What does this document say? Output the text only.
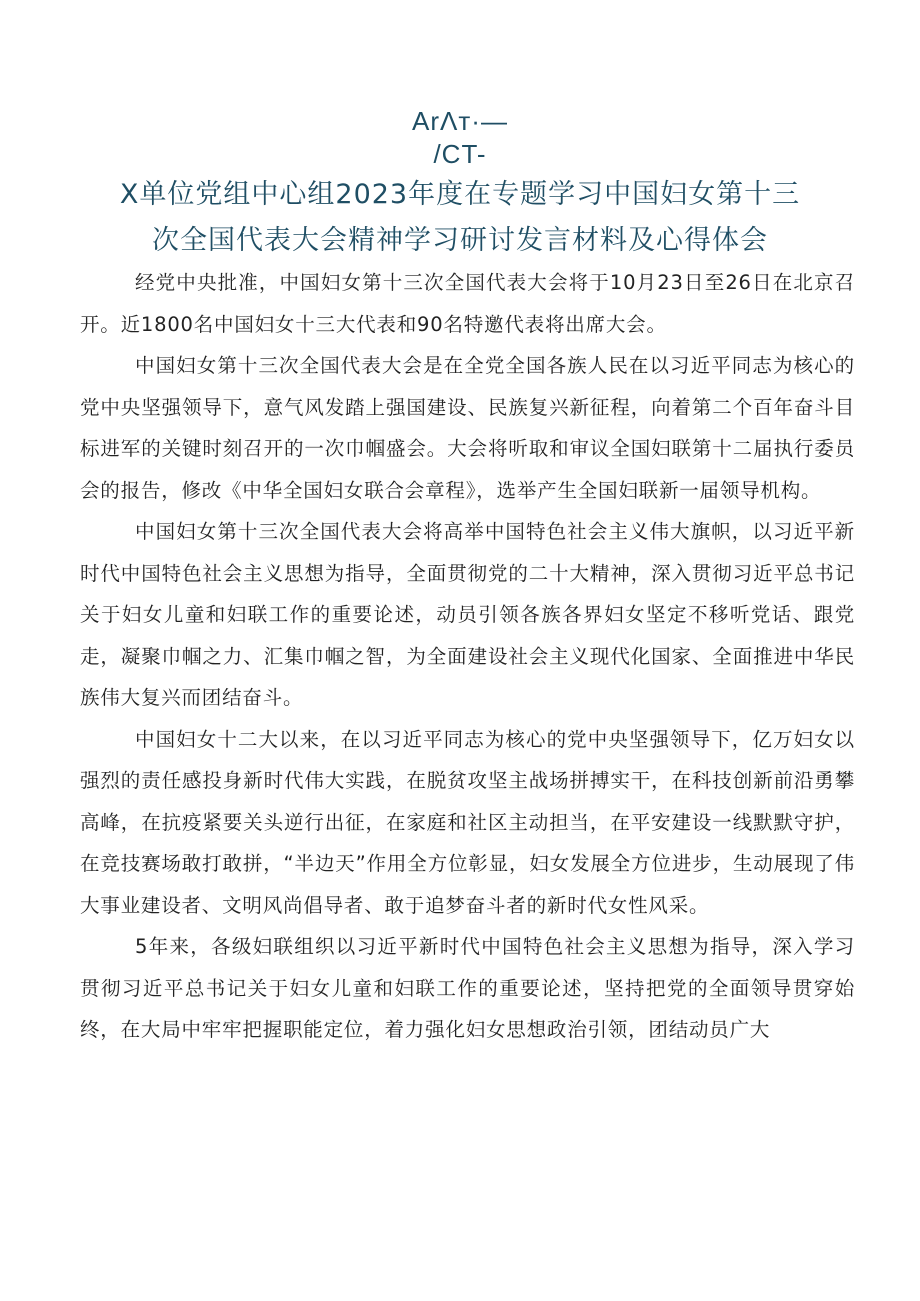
ArΛт·—
/CT-
X单位党组中心组2023年度在专题学习中国妇女第十三
次全国代表大会精神学习研讨发言材料及心得体会

经党中央批准，中国妇女第十三次全国代表大会将于10月23日至26日在北京召开。近1800名中国妇女十三大代表和90名特邀代表将出席大会。

中国妇女第十三次全国代表大会是在全党全国各族人民在以习近平同志为核心的党中央坚强领导下，意气风发踏上强国建设、民族复兴新征程，向着第二个百年奋斗目标进军的关键时刻召开的一次巾帼盛会。大会将听取和审议全国妇联第十二届执行委员会的报告，修改《中华全国妇女联合会章程》，选举产生全国妇联新一届领导机构。

中国妇女第十三次全国代表大会将高举中国特色社会主义伟大旗帜，以习近平新时代中国特色社会主义思想为指导，全面贯彻党的二十大精神，深入贯彻习近平总书记关于妇女儿童和妇联工作的重要论述，动员引领各族各界妇女坚定不移听党话、跟党走，凝聚巾帼之力、汇集巾帼之智，为全面建设社会主义现代化国家、全面推进中华民族伟大复兴而团结奋斗。

中国妇女十二大以来，在以习近平同志为核心的党中央坚强领导下，亿万妇女以强烈的责任感投身新时代伟大实践，在脱贫攻坚主战场拼搏实干，在科技创新前沿勇攀高峰，在抗疫紧要关头逆行出征，在家庭和社区主动担当，在平安建设一线默默守护，在竞技赛场敢打敢拼，“半边天”作用全方位彰显，妇女发展全方位进步，生动展现了伟大事业建设者、文明风尚倡导者、敢于追梦奋斗者的新时代女性风采。

5年来，各级妇联组织以习近平新时代中国特色社会主义思想为指导，深入学习贯彻习近平总书记关于妇女儿童和妇联工作的重要论述，坚持把党的全面领导贯穿始终，在大局中牢牢把握职能定位，着力强化妇女思想政治引领，团结动员广大
